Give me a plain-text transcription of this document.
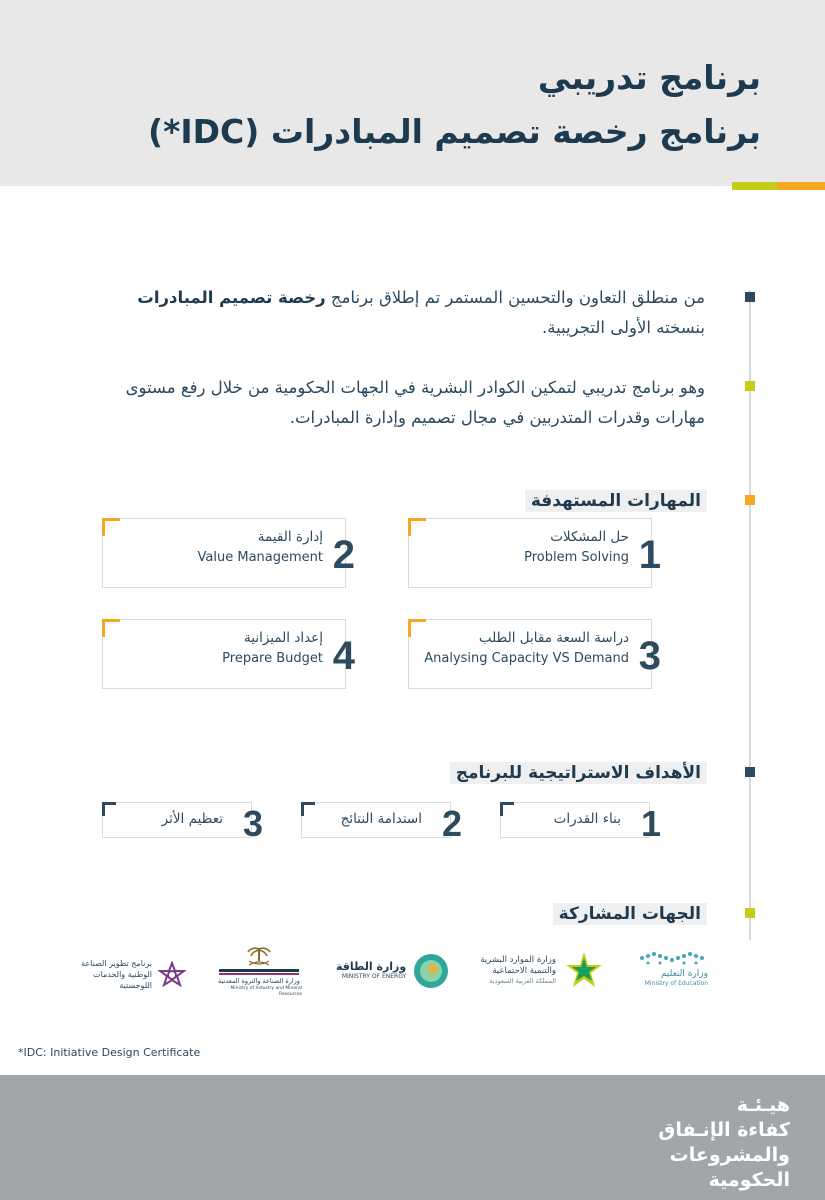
برنامج تدريبي
برنامج رخصة تصميم المبادرات (IDC*)
من منطلق التعاون والتحسين المستمر تم إطلاق برنامج رخصة تصميم المبادرات بنسخته الأولى التجريبية.
وهو برنامج تدريبي لتمكين الكوادر البشرية في الجهات الحكومية من خلال رفع مستوى مهارات وقدرات المتدربين في مجال تصميم وإدارة المبادرات.
المهارات المستهدفة
حل المشكلات
Problem Solving 1
إدارة القيمة
Value Management 2
دراسة السعة مقابل الطلب
Analysing Capacity VS Demand 3
إعداد الميزانية
Prepare Budget 4
الأهداف الاستراتيجية للبرنامج
بناء القدرات 1
استدامة النتائج 2
تعظيم الأثر 3
الجهات المشاركة
وزارة التعليم
Ministry of Education
وزارة الموارد البشرية والتنمية الاجتماعية
المملكة العربية السعودية
وزارة الطاقة
MINISTRY OF ENERGY
وزارة الصناعة والثروة المعدنية
Ministry of Industry and Mineral Resources
برنامج تطوير الصناعة الوطنية والخدمات اللوجستية
*IDC: Initiative Design Certificate
هيـئـة
كفاءة الإنـفاق
والمشروعات
الحكومية
